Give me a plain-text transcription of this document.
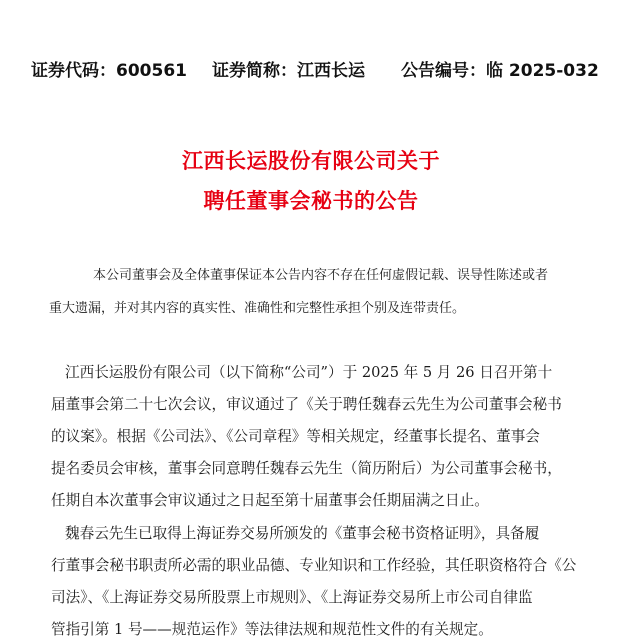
证券代码：600561 证券简称：江西长运 公告编号：临 2025-032
江西长运股份有限公司关于
聘任董事会秘书的公告
本公司董事会及全体董事保证本公告内容不存在任何虚假记载、误导性陈述或者
重大遗漏，并对其内容的真实性、准确性和完整性承担个别及连带责任。
江西长运股份有限公司（以下简称“公司”）于 2025 年 5 月 26 日召开第十
届董事会第二十七次会议，审议通过了《关于聘任魏春云先生为公司董事会秘书
的议案》。根据《公司法》、《公司章程》等相关规定，经董事长提名、董事会
提名委员会审核，董事会同意聘任魏春云先生（简历附后）为公司董事会秘书，
任期自本次董事会审议通过之日起至第十届董事会任期届满之日止。
魏春云先生已取得上海证券交易所颁发的《董事会秘书资格证明》，具备履
行董事会秘书职责所必需的职业品德、专业知识和工作经验，其任职资格符合《公
司法》、《上海证券交易所股票上市规则》、《上海证券交易所上市公司自律监
管指引第 1 号——规范运作》等法律法规和规范性文件的有关规定。
